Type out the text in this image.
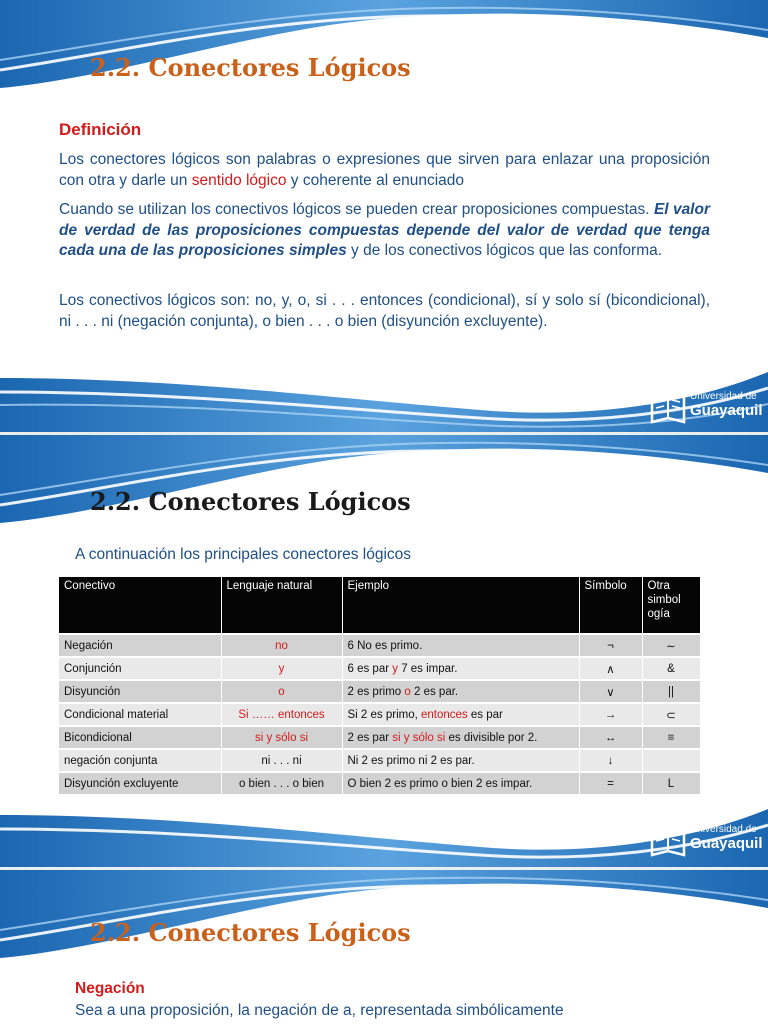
2.2. Conectores Lógicos
Definición
Los conectores lógicos son palabras o expresiones que sirven para enlazar una proposición con otra y darle un sentido lógico y coherente al enunciado
Cuando se utilizan los conectivos lógicos se pueden crear proposiciones compuestas. El valor de verdad de las proposiciones compuestas depende del valor de verdad que tenga cada una de las proposiciones simples y de los conectivos lógicos que las conforma.
Los conectivos lógicos son: no, y, o, si . . . entonces (condicional), sí y solo sí (bicondicional), ni . . . ni (negación conjunta), o bien . . . o bien (disyunción excluyente).
Universidad de
Guayaquil
2.2. Conectores Lógicos
A continuación los principales conectores lógicos
Conectivo	Lenguaje natural	Ejemplo	Símbolo	Otra simbol ogía
Negación	no	6 No es primo.	¬	∼
Conjunción	y	6 es par y 7 es impar.	∧	&
Disyunción	o	2 es primo o 2 es par.	∨	||
Condicional material	Si …… entonces	Si 2 es primo, entonces es par	→	⊂
Bicondicional	si y sólo si	2 es par si y sólo si es divisible por 2.	↔	≡
negación conjunta	ni . . . ni	Ni 2 es primo ni 2 es par.	↓	
Disyunción excluyente	o bien . . . o bien	O bien 2 es primo o bien 2 es impar.	=	L
Universidad de
Guayaquil
2.2. Conectores Lógicos
Negación
Sea a una proposición, la negación de a, representada simbólicamente
